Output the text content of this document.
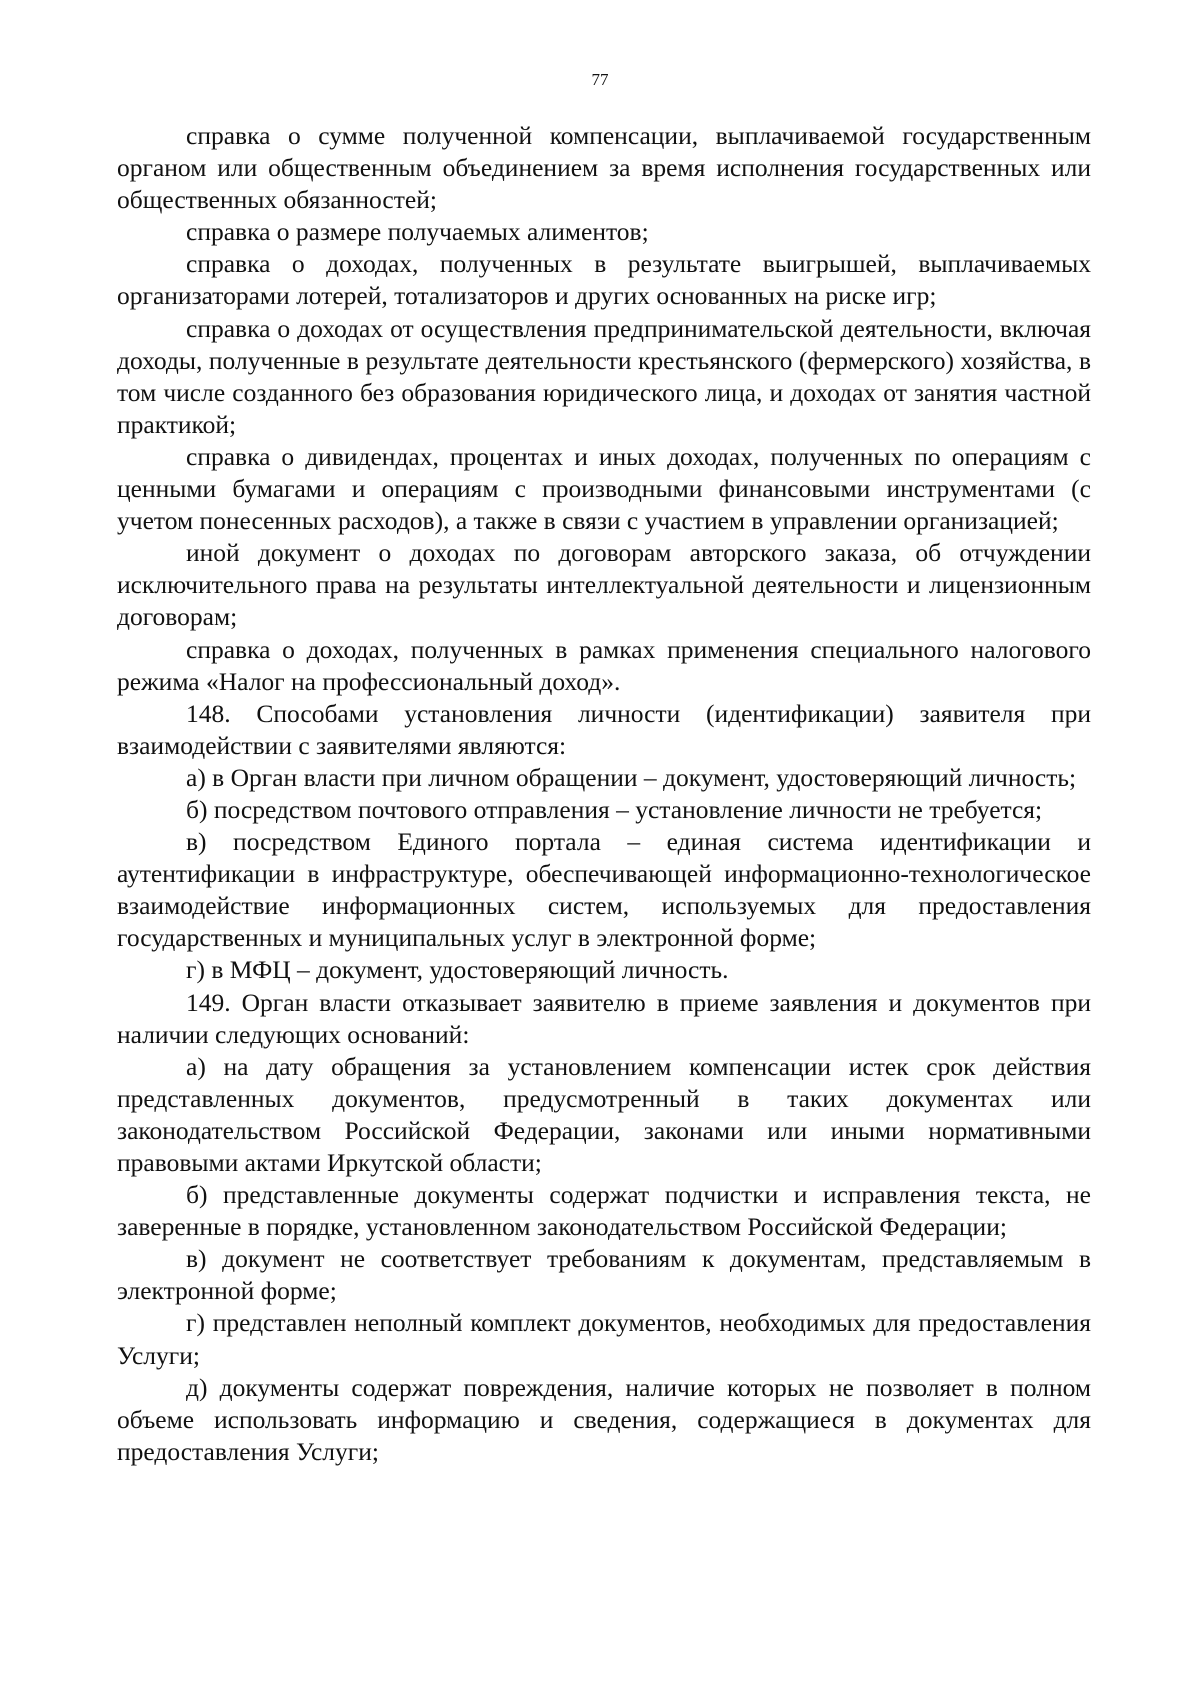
77

справка о сумме полученной компенсации, выплачиваемой государственным органом или общественным объединением за время исполнения государственных или общественных обязанностей;

справка о размере получаемых алиментов;

справка о доходах, полученных в результате выигрышей, выплачиваемых организаторами лотерей, тотализаторов и других основанных на риске игр;

справка о доходах от осуществления предпринимательской деятельности, включая доходы, полученные в результате деятельности крестьянского (фермерского) хозяйства, в том числе созданного без образования юридического лица, и доходах от занятия частной практикой;

справка о дивидендах, процентах и иных доходах, полученных по операциям с ценными бумагами и операциям с производными финансовыми инструментами (с учетом понесенных расходов), а также в связи с участием в управлении организацией;

иной документ о доходах по договорам авторского заказа, об отчуждении исключительного права на результаты интеллектуальной деятельности и лицензионным договорам;

справка о доходах, полученных в рамках применения специального налогового режима «Налог на профессиональный доход».

148. Способами установления личности (идентификации) заявителя при взаимодействии с заявителями являются:

а) в Орган власти при личном обращении – документ, удостоверяющий личность;

б) посредством почтового отправления – установление личности не требуется;

в) посредством Единого портала – единая система идентификации и аутентификации в инфраструктуре, обеспечивающей информационно-технологическое взаимодействие информационных систем, используемых для предоставления государственных и муниципальных услуг в электронной форме;

г) в МФЦ – документ, удостоверяющий личность.

149. Орган власти отказывает заявителю в приеме заявления и документов при наличии следующих оснований:

а) на дату обращения за установлением компенсации истек срок действия представленных документов, предусмотренный в таких документах или законодательством Российской Федерации, законами или иными нормативными правовыми актами Иркутской области;

б) представленные документы содержат подчистки и исправления текста, не заверенные в порядке, установленном законодательством Российской Федерации;

в) документ не соответствует требованиям к документам, представляемым в электронной форме;

г) представлен неполный комплект документов, необходимых для предоставления Услуги;

д) документы содержат повреждения, наличие которых не позволяет в полном объеме использовать информацию и сведения, содержащиеся в документах для предоставления Услуги;
